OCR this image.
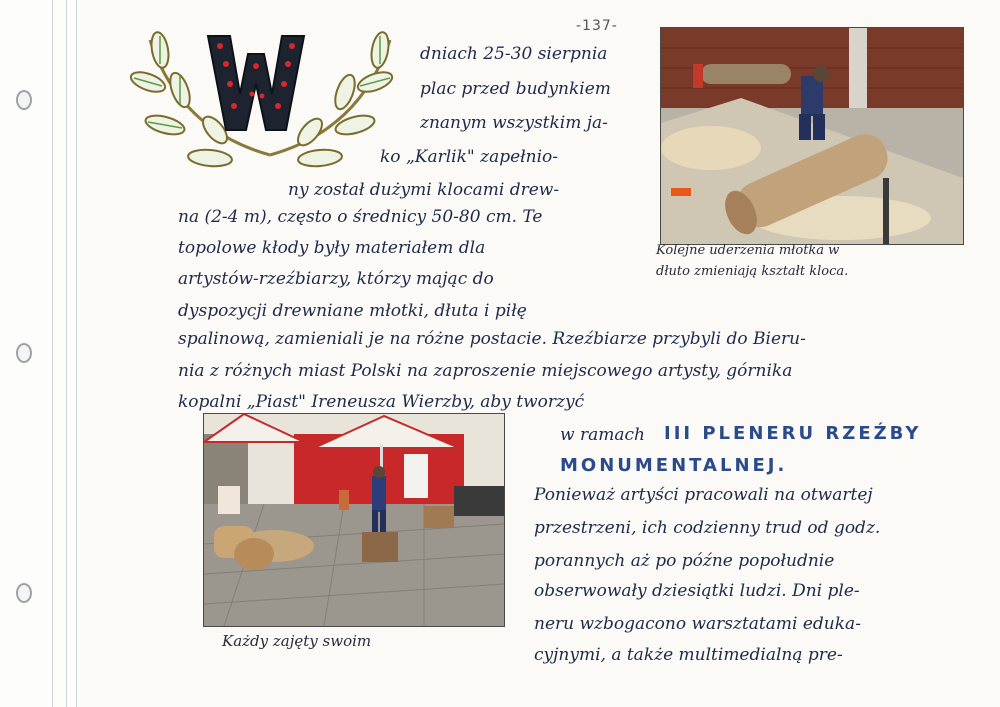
-137-
dniach 25-30 sierpnia
plac przed budynkiem
znanym wszystkim ja-
ko „Karlik" zapełnio-
ny został dużymi klocami drew-
na (2-4 m), często o średnicy 50-80 cm. Te
topolowe kłody były materiałem dla
artystów-rzeźbiarzy, którzy mając do
dyspozycji drewniane młotki, dłuta i piłę
spalinową, zamieniali je na różne postacie. Rzeźbiarze przybyli do Bieru-
nia z różnych miast Polski na zaproszenie miejscowego artysty, górnika
kopalni „Piast" Ireneusza Wierzby, aby tworzyć
w ramach III PLENERU RZEŹBY
MONUMENTALNEJ.
Ponieważ artyści pracowali na otwartej
przestrzeni, ich codzienny trud od godz.
porannych aż po późne popołudnie
obserwowały dziesiątki ludzi. Dni ple-
neru wzbogacono warsztatami eduka-
cyjnymi, a także multimedialną pre-
Kolejne uderzenia młotka w
dłuto zmieniają kształt kloca.
Każdy zajęty swoim
